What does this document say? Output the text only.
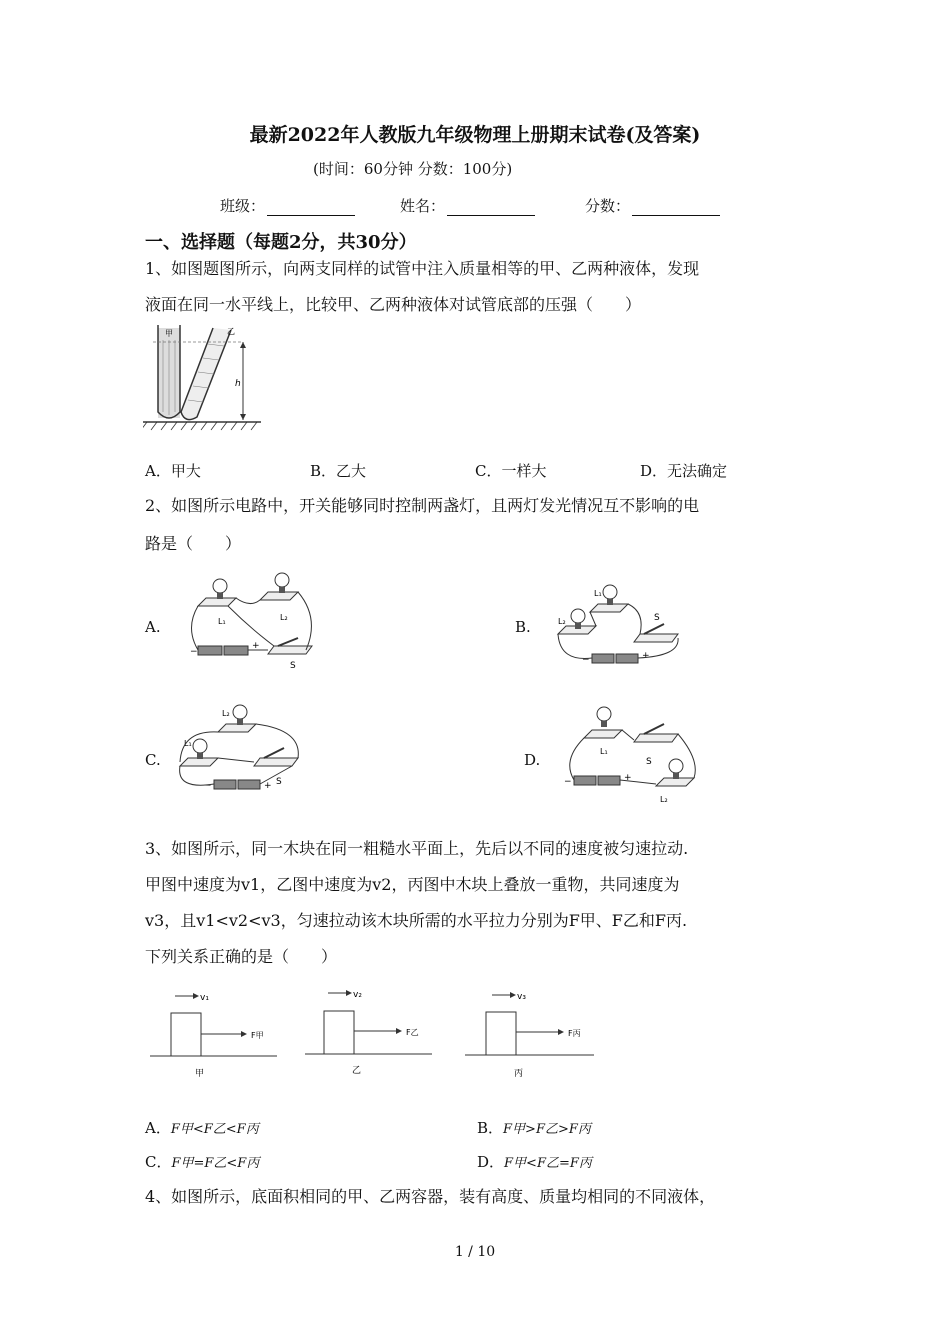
最新2022年人教版九年级物理上册期末试卷(及答案)
(时间：60分钟 分数：100分)
班级：	姓名：	分数：
一、选择题（每题2分，共30分）
1、如图题图所示，向两支同样的试管中注入质量相等的甲、乙两种液体，发现
液面在同一水平线上，比较甲、乙两种液体对试管底部的压强（　　）
甲	乙
h
A．甲大	B．乙大	C．一样大	D．无法确定
2、如图所示电路中，开关能够同时控制两盏灯，且两灯发光情况互不影响的电
路是（　　）
A.	B.
C.	D.
L₁	L₂
−
+
S
L₁
L₂	S
−	+
L₂
L₁
S
−	+
L₁
S
L₂
−	+
3、如图所示，同一木块在同一粗糙水平面上，先后以不同的速度被匀速拉动.
甲图中速度为v1，乙图中速度为v2，丙图中木块上叠放一重物，共同速度为
v3，且v1<v2<v3，匀速拉动该木块所需的水平拉力分别为F甲、F乙和F丙.
下列关系正确的是（　　）
v₁
F甲
甲
v₂
F乙
乙
v₃
F丙
丙
A．F甲<F乙<F丙	B．F甲>F乙>F丙
C．F甲=F乙<F丙	D．F甲<F乙=F丙
4、如图所示，底面积相同的甲、乙两容器，装有高度、质量均相同的不同液体，
1 / 10
